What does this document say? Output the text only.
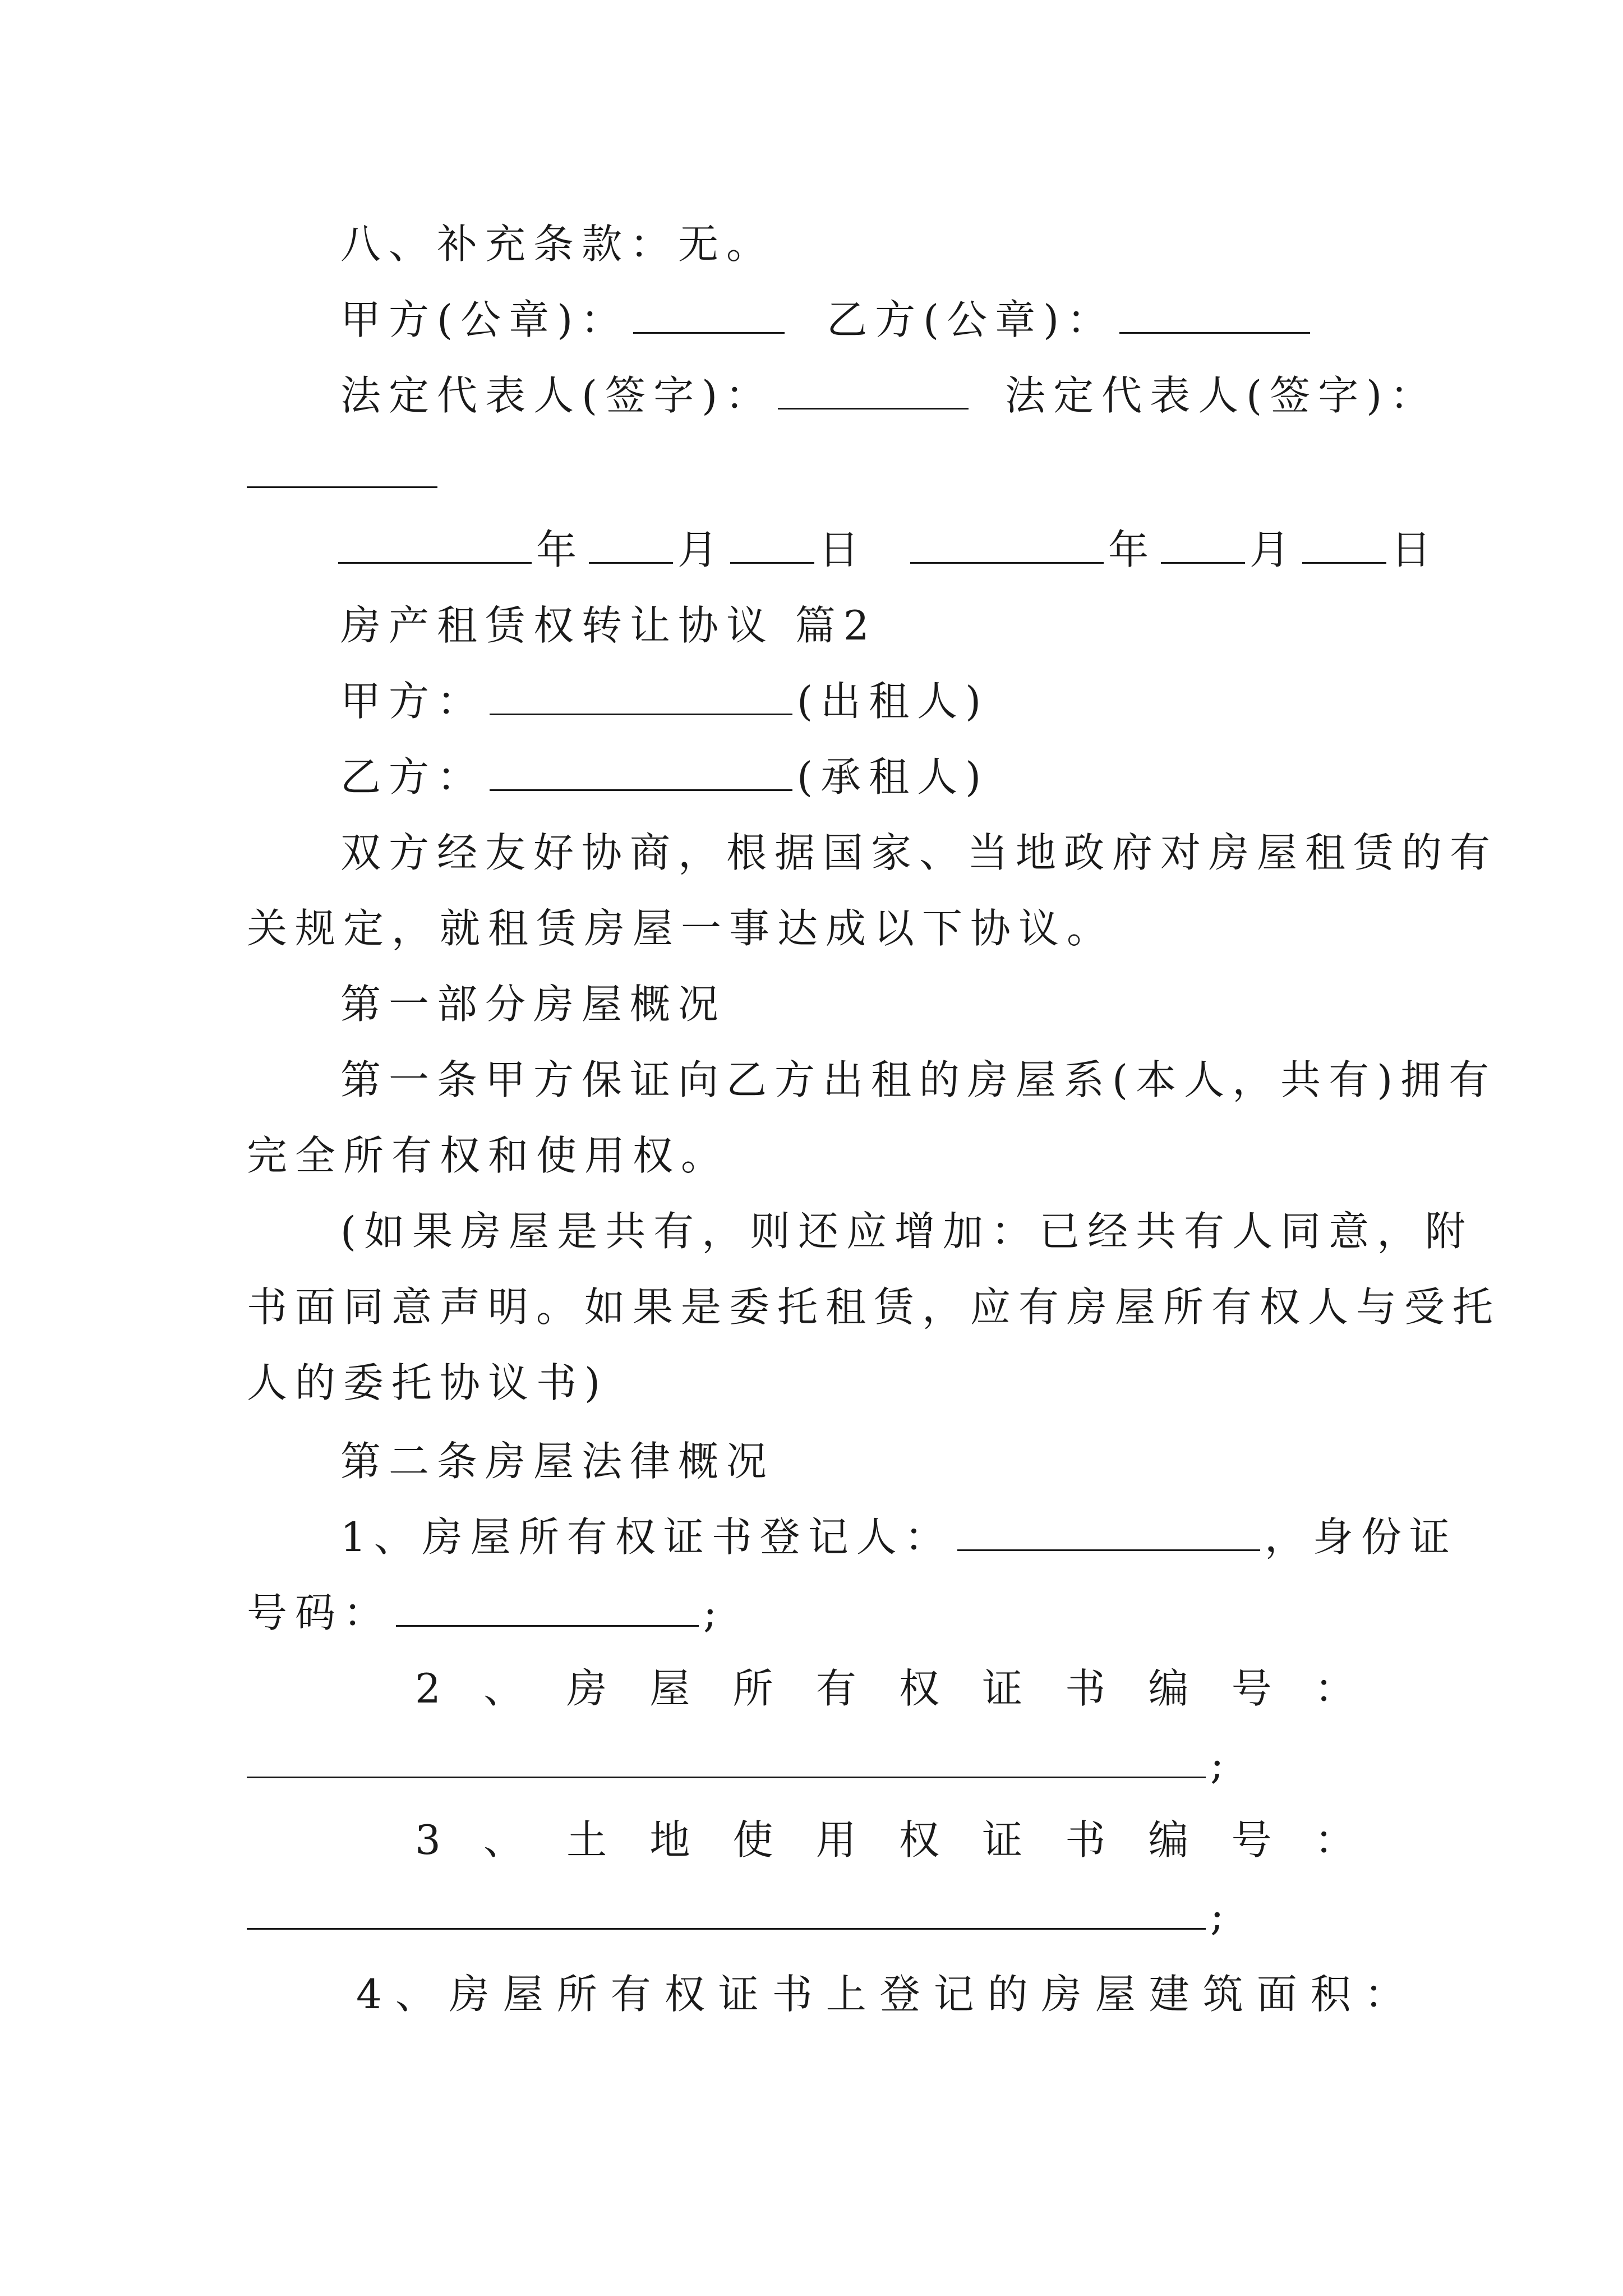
八、补充条款：无。
甲方(公章)：	乙方(公章)：
法定代表人(签字)：	法定代表人(签字)：
年 月 日	年 月 日
房产租赁权转让协议 篇2
甲方：	(出租人)
乙方：	(承租人)
双方经友好协商，根据国家、当地政府对房屋租赁的有
关规定，就租赁房屋一事达成以下协议。
第一部分房屋概况
第一条甲方保证向乙方出租的房屋系(本人，共有)拥有
完全所有权和使用权。
(如果房屋是共有，则还应增加：已经共有人同意，附
书面同意声明。如果是委托租赁，应有房屋所有权人与受托
人的委托协议书)
第二条房屋法律概况
1、房屋所有权证书登记人：	，身份证
号码：	;
2 、 房 屋 所 有 权 证 书 编 号 ：
;
3 、 土 地 使 用 权 证 书 编 号 ：
;
4、房屋所有权证书上登记的房屋建筑面积：
